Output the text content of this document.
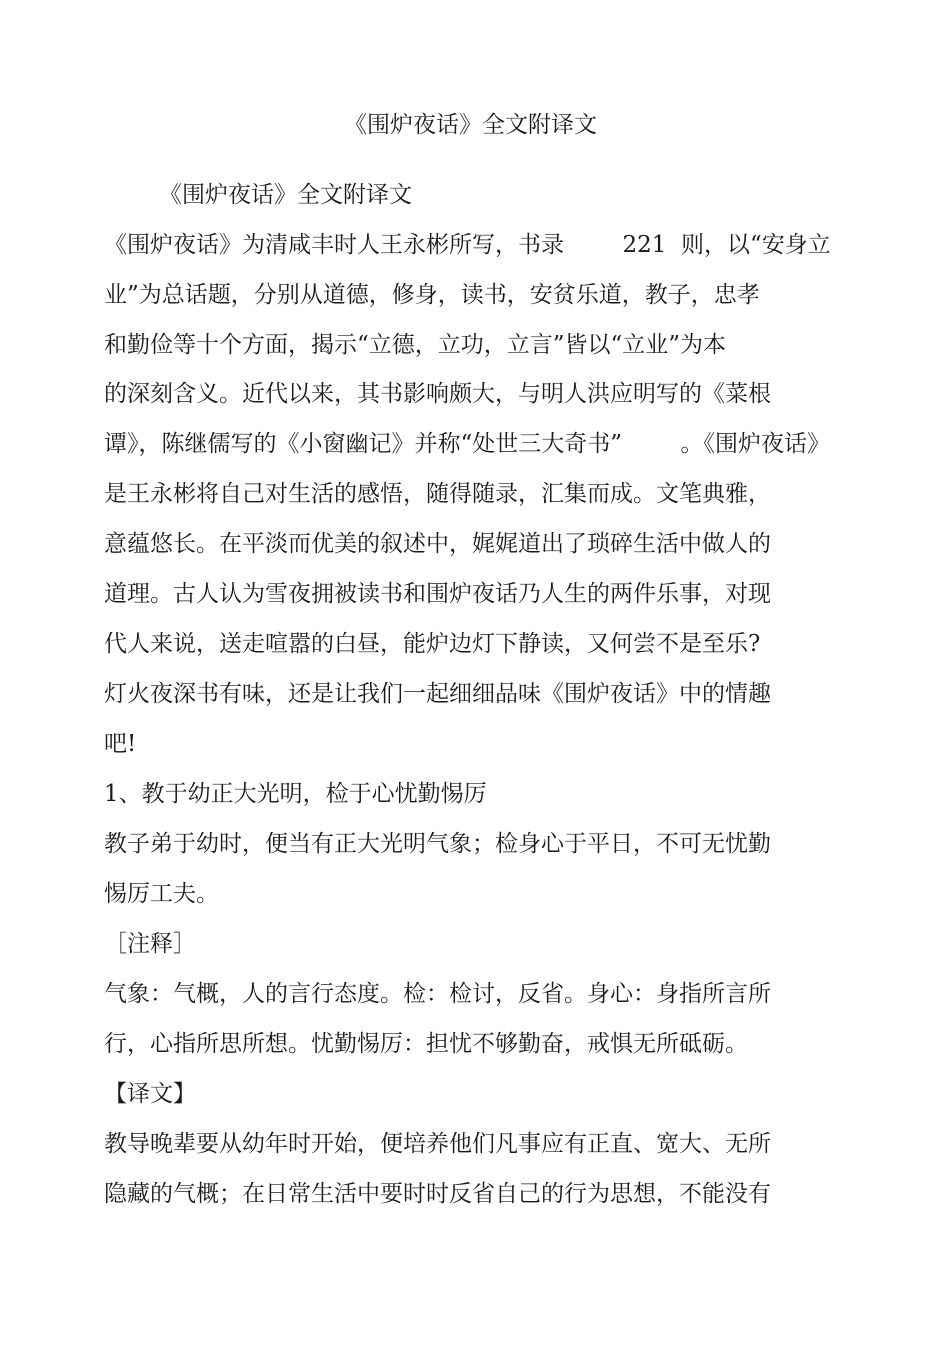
《围炉夜话》全文附译文

《围炉夜话》全文附译文

《围炉夜话》为清咸丰时人王永彬所写，书录        221  则，以“安身立

业”为总话题，分别从道德，修身，读书，安贫乐道，教子，忠孝

和勤俭等十个方面，揭示“立德，立功，立言”皆以“立业”为本

的深刻含义。近代以来，其书影响颇大，与明人洪应明写的《菜根

谭》，陈继儒写的《小窗幽记》并称“处世三大奇书”        。《围炉夜话》

是王永彬将自己对生活的感悟，随得随录，汇集而成。文笔典雅，

意蕴悠长。在平淡而优美的叙述中，娓娓道出了琐碎生活中做人的

道理。古人认为雪夜拥被读书和围炉夜话乃人生的两件乐事，对现

代人来说，送走喧嚣的白昼，能炉边灯下静读，又何尝不是至乐?

灯火夜深书有味，还是让我们一起细细品味《围炉夜话》中的情趣

吧!

1、教于幼正大光明，检于心忧勤惕厉

教子弟于幼时，便当有正大光明气象；检身心于平日，不可无忧勤

惕厉工夫。

［注释］

气象：气概，人的言行态度。检：检讨，反省。身心：身指所言所

行，心指所思所想。忧勤惕厉：担忧不够勤奋，戒惧无所砥砺。

【译文】

教导晚辈要从幼年时开始，便培养他们凡事应有正直、宽大、无所

隐藏的气概；在日常生活中要时时反省自己的行为思想，不能没有
